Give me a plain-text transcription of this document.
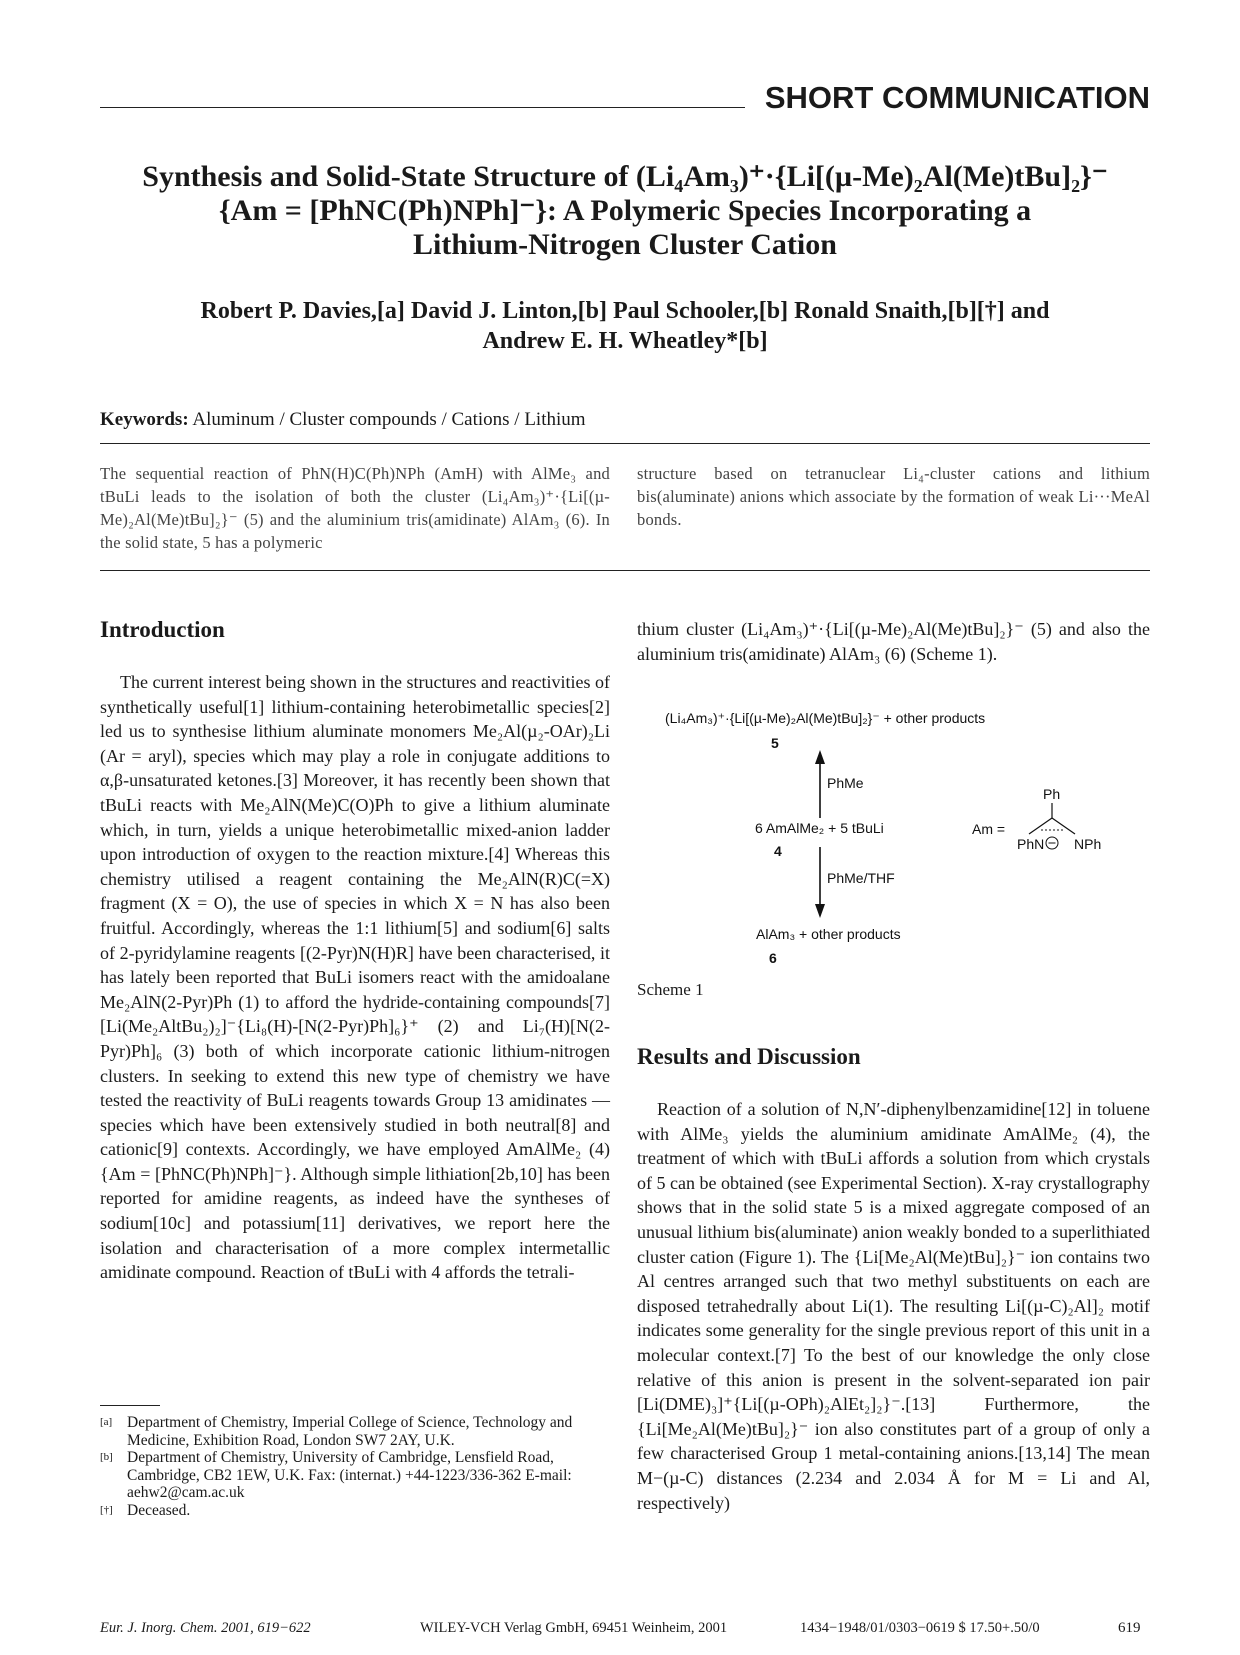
SHORT COMMUNICATION
Synthesis and Solid-State Structure of (Li₄Am₃)⁺·{Li[(µ-Me)₂Al(Me)tBu]₂}⁻
{Am = [PhNC(Ph)NPh]⁻}: A Polymeric Species Incorporating a
Lithium-Nitrogen Cluster Cation
Robert P. Davies,[a] David J. Linton,[b] Paul Schooler,[b] Ronald Snaith,[b][†] and
Andrew E. H. Wheatley*[b]
Keywords: Aluminum / Cluster compounds / Cations / Lithium
The sequential reaction of PhN(H)C(Ph)NPh (AmH) with AlMe₃ and tBuLi leads to the isolation of both the cluster (Li₄Am₃)⁺·{Li[(µ-Me)₂Al(Me)tBu]₂}⁻ (5) and the aluminium tris(amidinate) AlAm₃ (6). In the solid state, 5 has a polymeric
structure based on tetranuclear Li₄-cluster cations and lithium bis(aluminate) anions which associate by the formation of weak Li···MeAl bonds.
Introduction

The current interest being shown in the structures and reactivities of synthetically useful[1] lithium-containing heterobimetallic species[2] led us to synthesise lithium aluminate monomers Me₂Al(µ₂-OAr)₂Li (Ar = aryl), species which may play a role in conjugate additions to α,β-unsaturated ketones.[3] Moreover, it has recently been shown that tBuLi reacts with Me₂AlN(Me)C(O)Ph to give a lithium aluminate which, in turn, yields a unique heterobimetallic mixed-anion ladder upon introduction of oxygen to the reaction mixture.[4] Whereas this chemistry utilised a reagent containing the Me₂AlN(R)C(=X) fragment (X = O), the use of species in which X = N has also been fruitful. Accordingly, whereas the 1:1 lithium[5] and sodium[6] salts of 2-pyridylamine reagents [(2-Pyr)N(H)R] have been characterised, it has lately been reported that BuLi isomers react with the amidoalane Me₂AlN(2-Pyr)Ph (1) to afford the hydride-containing compounds[7] [Li(Me₂AltBu₂)₂]⁻{Li₈(H)-[N(2-Pyr)Ph]₆}⁺ (2) and Li₇(H)[N(2-Pyr)Ph]₆ (3) both of which incorporate cationic lithium-nitrogen clusters. In seeking to extend this new type of chemistry we have tested the reactivity of BuLi reagents towards Group 13 amidinates — species which have been extensively studied in both neutral[8] and cationic[9] contexts. Accordingly, we have employed AmAlMe₂ (4) {Am = [PhNC(Ph)NPh]⁻}. Although simple lithiation[2b,10] has been reported for amidine reagents, as indeed have the syntheses of sodium[10c] and potassium[11] derivatives, we report here the isolation and characterisation of a more complex intermetallic amidinate compound. Reaction of tBuLi with 4 affords the tetrali-

[a] Department of Chemistry, Imperial College of Science, Technology and Medicine, Exhibition Road, London SW7 2AY, U.K.
[b] Department of Chemistry, University of Cambridge, Lensfield Road, Cambridge, CB2 1EW, U.K. Fax: (internat.) +44-1223/336-362 E-mail: aehw2@cam.ac.uk
[†] Deceased.

thium cluster (Li₄Am₃)⁺·{Li[(µ-Me)₂Al(Me)tBu]₂}⁻ (5) and also the aluminium tris(amidinate) AlAm₃ (6) (Scheme 1).

(Li₄Am₃)⁺·{Li[(µ-Me)₂Al(Me)tBu]₂}⁻ + other products
5
PhMe
6 AmAlMe₂ + 5 tBuLi
4
PhMe/THF
AlAm₃ + other products
6
Am =
Ph
PhN NPh
Scheme 1
Results and Discussion

Reaction of a solution of N,N′-diphenylbenzamidine[12] in toluene with AlMe₃ yields the aluminium amidinate AmAlMe₂ (4), the treatment of which with tBuLi affords a solution from which crystals of 5 can be obtained (see Experimental Section). X-ray crystallography shows that in the solid state 5 is a mixed aggregate composed of an unusual lithium bis(aluminate) anion weakly bonded to a superlithiated cluster cation (Figure 1). The {Li[Me₂Al(Me)tBu]₂}⁻ ion contains two Al centres arranged such that two methyl substituents on each are disposed tetrahedrally about Li(1). The resulting Li[(µ-C)₂Al]₂ motif indicates some generality for the single previous report of this unit in a molecular context.[7] To the best of our knowledge the only close relative of this anion is present in the solvent-separated ion pair [Li(DME)₃]⁺{Li[(µ-OPh)₂AlEt₂]₂}⁻.[13] Furthermore, the {Li[Me₂Al(Me)tBu]₂}⁻ ion also constitutes part of a group of only a few characterised Group 1 metal-containing anions.[13,14] The mean M−(µ-C) distances (2.234 and 2.034 Å for M = Li and Al, respectively)

Eur. J. Inorg. Chem. 2001, 619−622	WILEY-VCH Verlag GmbH, 69451 Weinheim, 2001	1434−1948/01/0303−0619 $ 17.50+.50/0	619
